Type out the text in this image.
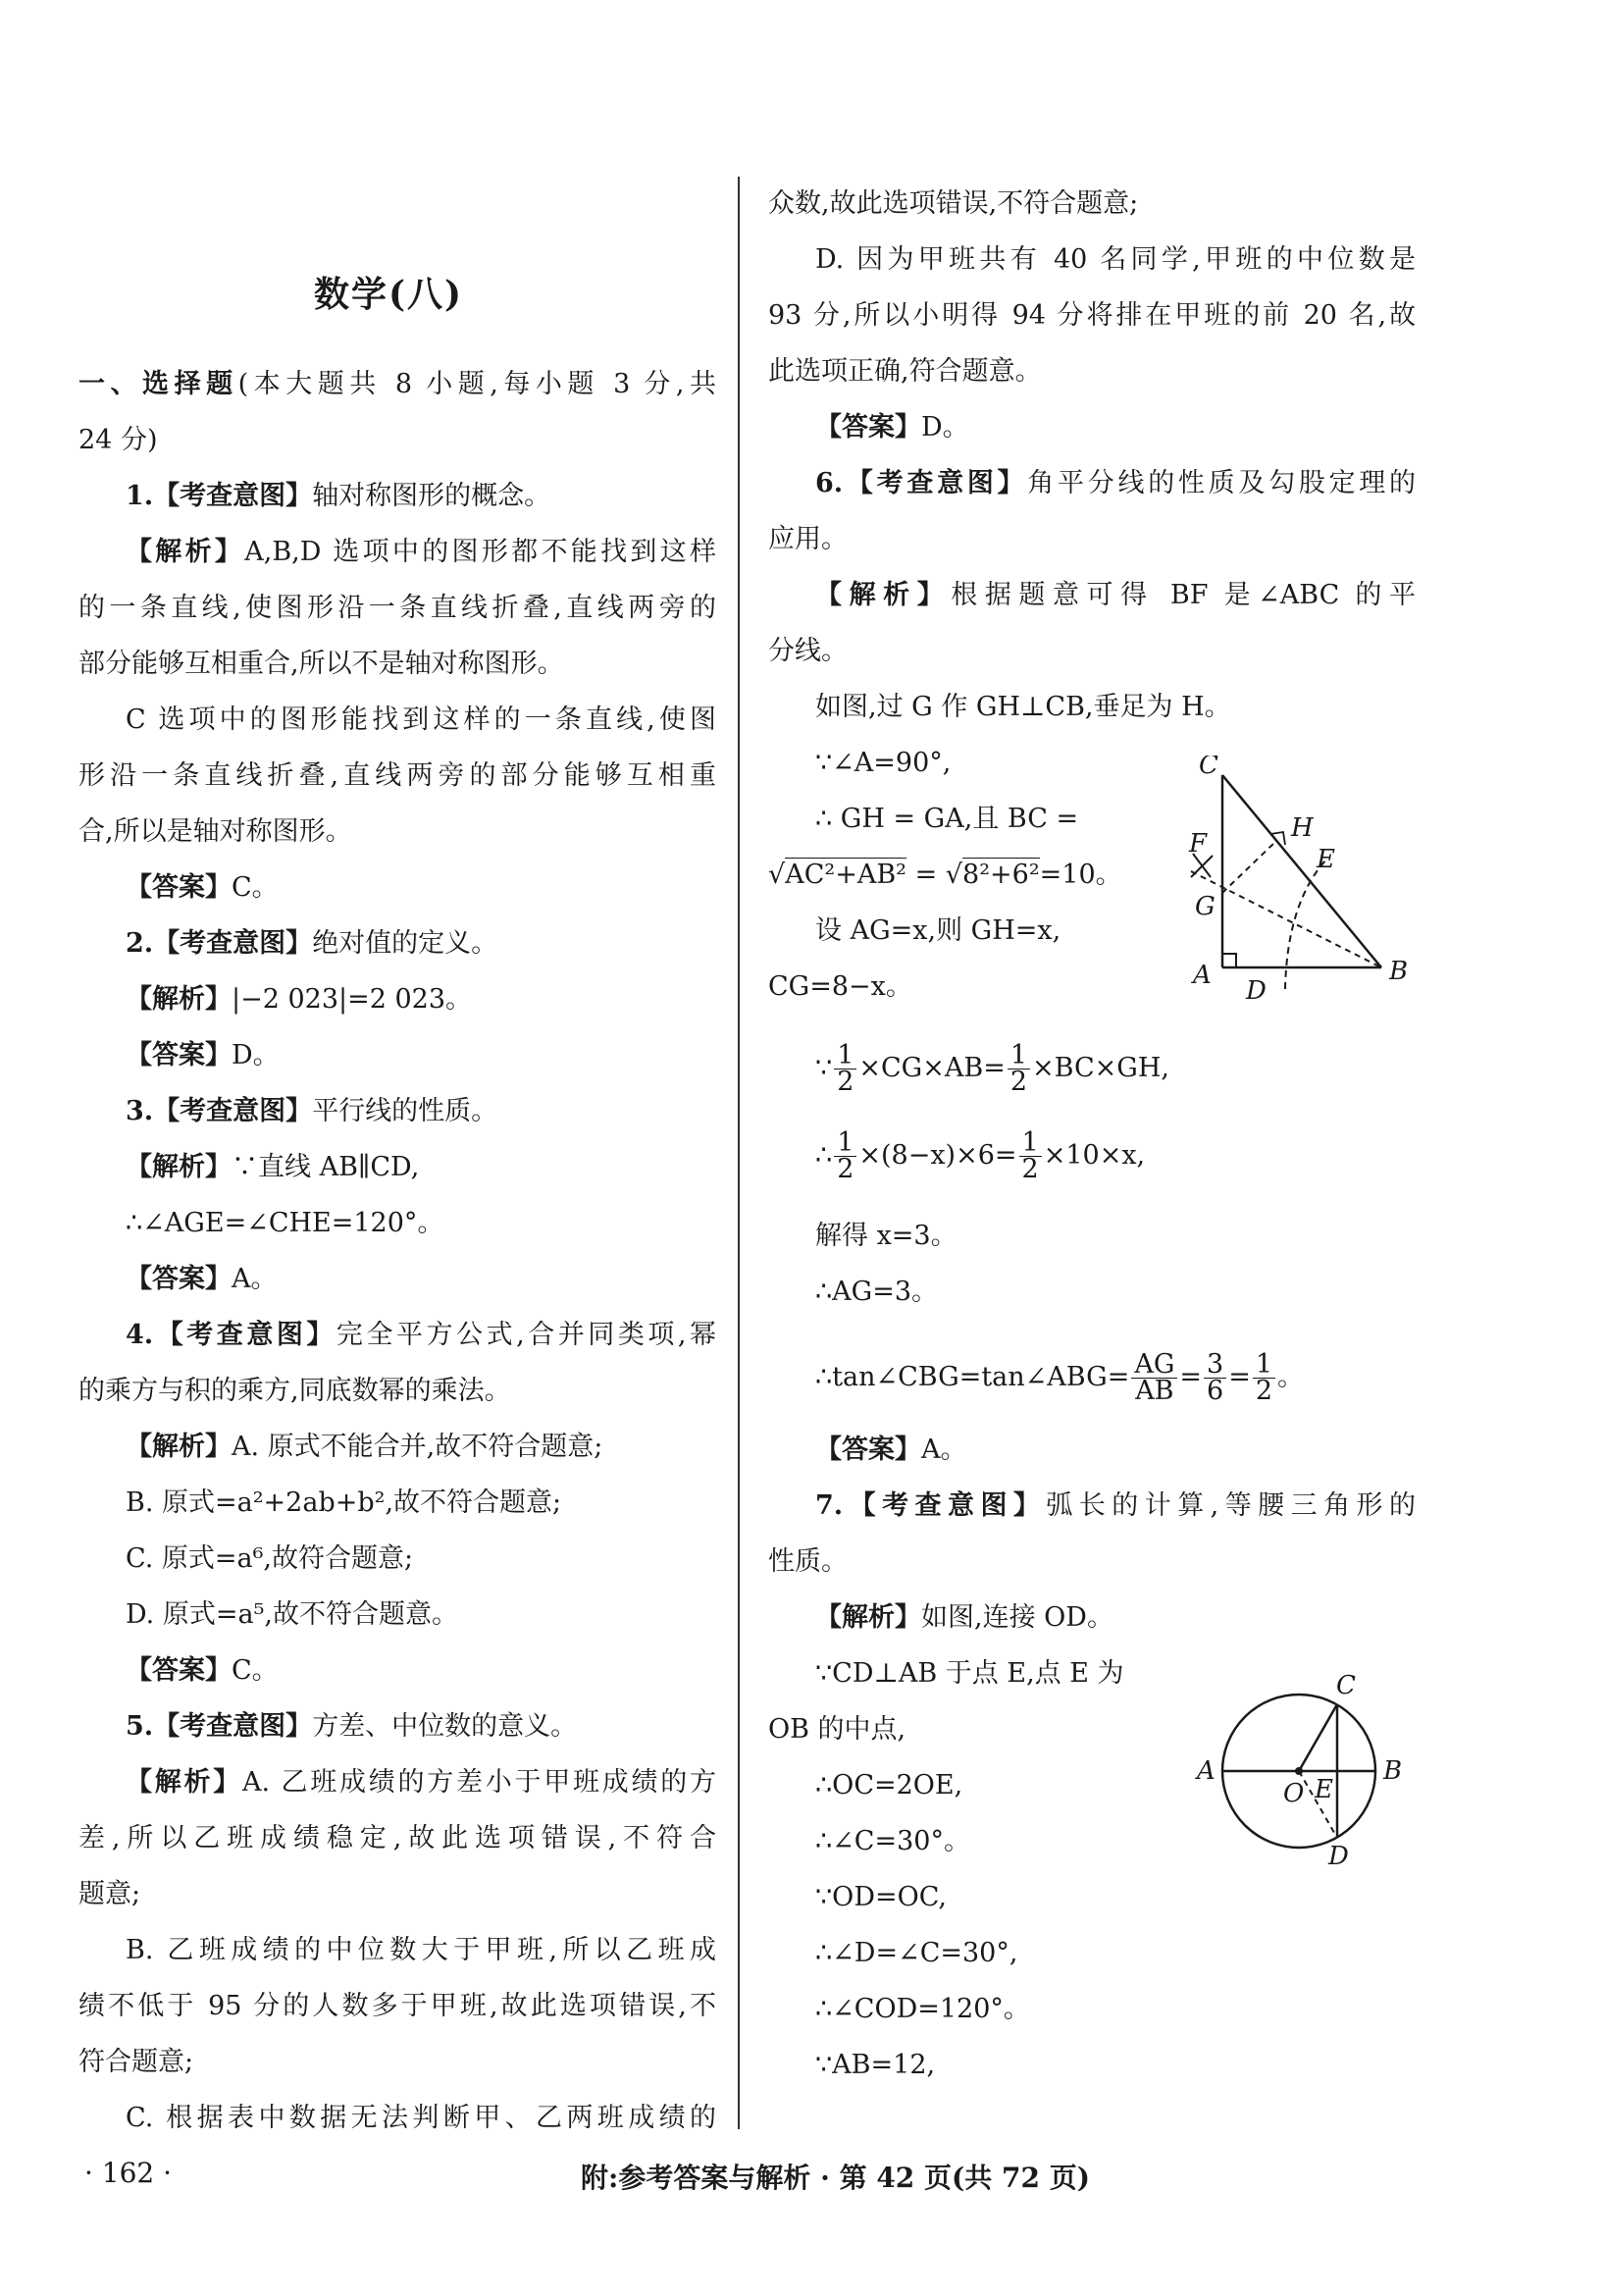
数学(八)
一、选择题(本大题共 8 小题,每小题 3 分,共
24 分)
1.【考查意图】轴对称图形的概念。
【解析】A,B,D 选项中的图形都不能找到这样
的一条直线,使图形沿一条直线折叠,直线两旁的
部分能够互相重合,所以不是轴对称图形。
C 选项中的图形能找到这样的一条直线,使图
形沿一条直线折叠,直线两旁的部分能够互相重
合,所以是轴对称图形。
【答案】C。
2.【考查意图】绝对值的定义。
【解析】|−2 023|=2 023。
【答案】D。
3.【考查意图】平行线的性质。
【解析】∵直线 AB∥CD,
∴∠AGE=∠CHE=120°。
【答案】A。
4.【考查意图】完全平方公式,合并同类项,幂
的乘方与积的乘方,同底数幂的乘法。
【解析】A. 原式不能合并,故不符合题意;
B. 原式=a²+2ab+b²,故不符合题意;
C. 原式=a⁶,故符合题意;
D. 原式=a⁵,故不符合题意。
【答案】C。
5.【考查意图】方差、中位数的意义。
【解析】A. 乙班成绩的方差小于甲班成绩的方
差,所以乙班成绩稳定,故此选项错误,不符合
题意;
B. 乙班成绩的中位数大于甲班,所以乙班成
绩不低于 95 分的人数多于甲班,故此选项错误,不
符合题意;
C. 根据表中数据无法判断甲、乙两班成绩的
众数,故此选项错误,不符合题意;
D. 因为甲班共有 40 名同学,甲班的中位数是
93 分,所以小明得 94 分将排在甲班的前 20 名,故
此选项正确,符合题意。
【答案】D。
6.【考查意图】角平分线的性质及勾股定理的
应用。
【解析】根据题意可得 BF 是∠ABC 的平
分线。
如图,过 G 作 GH⊥CB,垂足为 H。
∵∠A=90°,
∴ GH = GA,且 BC =
√AC²+AB² = √8²+6²=10。
设 AG=x,则 GH=x,
CG=8−x。
∵ $\frac{1}{2} \times CG\times AB= \frac{1}{2} \times BC\times GH$,
∴ $\frac{1}{2} \times(8-x)\times 6= \frac{1}{2} \times 10\times x$,
解得 x=3。
∴AG=3。
∴tan∠CBG=tan∠ABG= $\frac{AG}{AB} = \frac{3}{6} = \frac{1}{2}$ 。
【答案】A。
7.【考查意图】弧长的计算,等腰三角形的
性质。
【解析】如图,连接 OD。
∵CD⊥AB 于点 E,点 E 为
OB 的中点,
∴OC=2OE,
∴∠C=30°。
∵OD=OC,
∴∠D=∠C=30°,
∴∠COD=120°。
∵AB=12,
C
H
E
F
G
A
D
B
C
A	B
O E
D
· 162 ·	附:参考答案与解析 · 第 42 页(共 72 页)
